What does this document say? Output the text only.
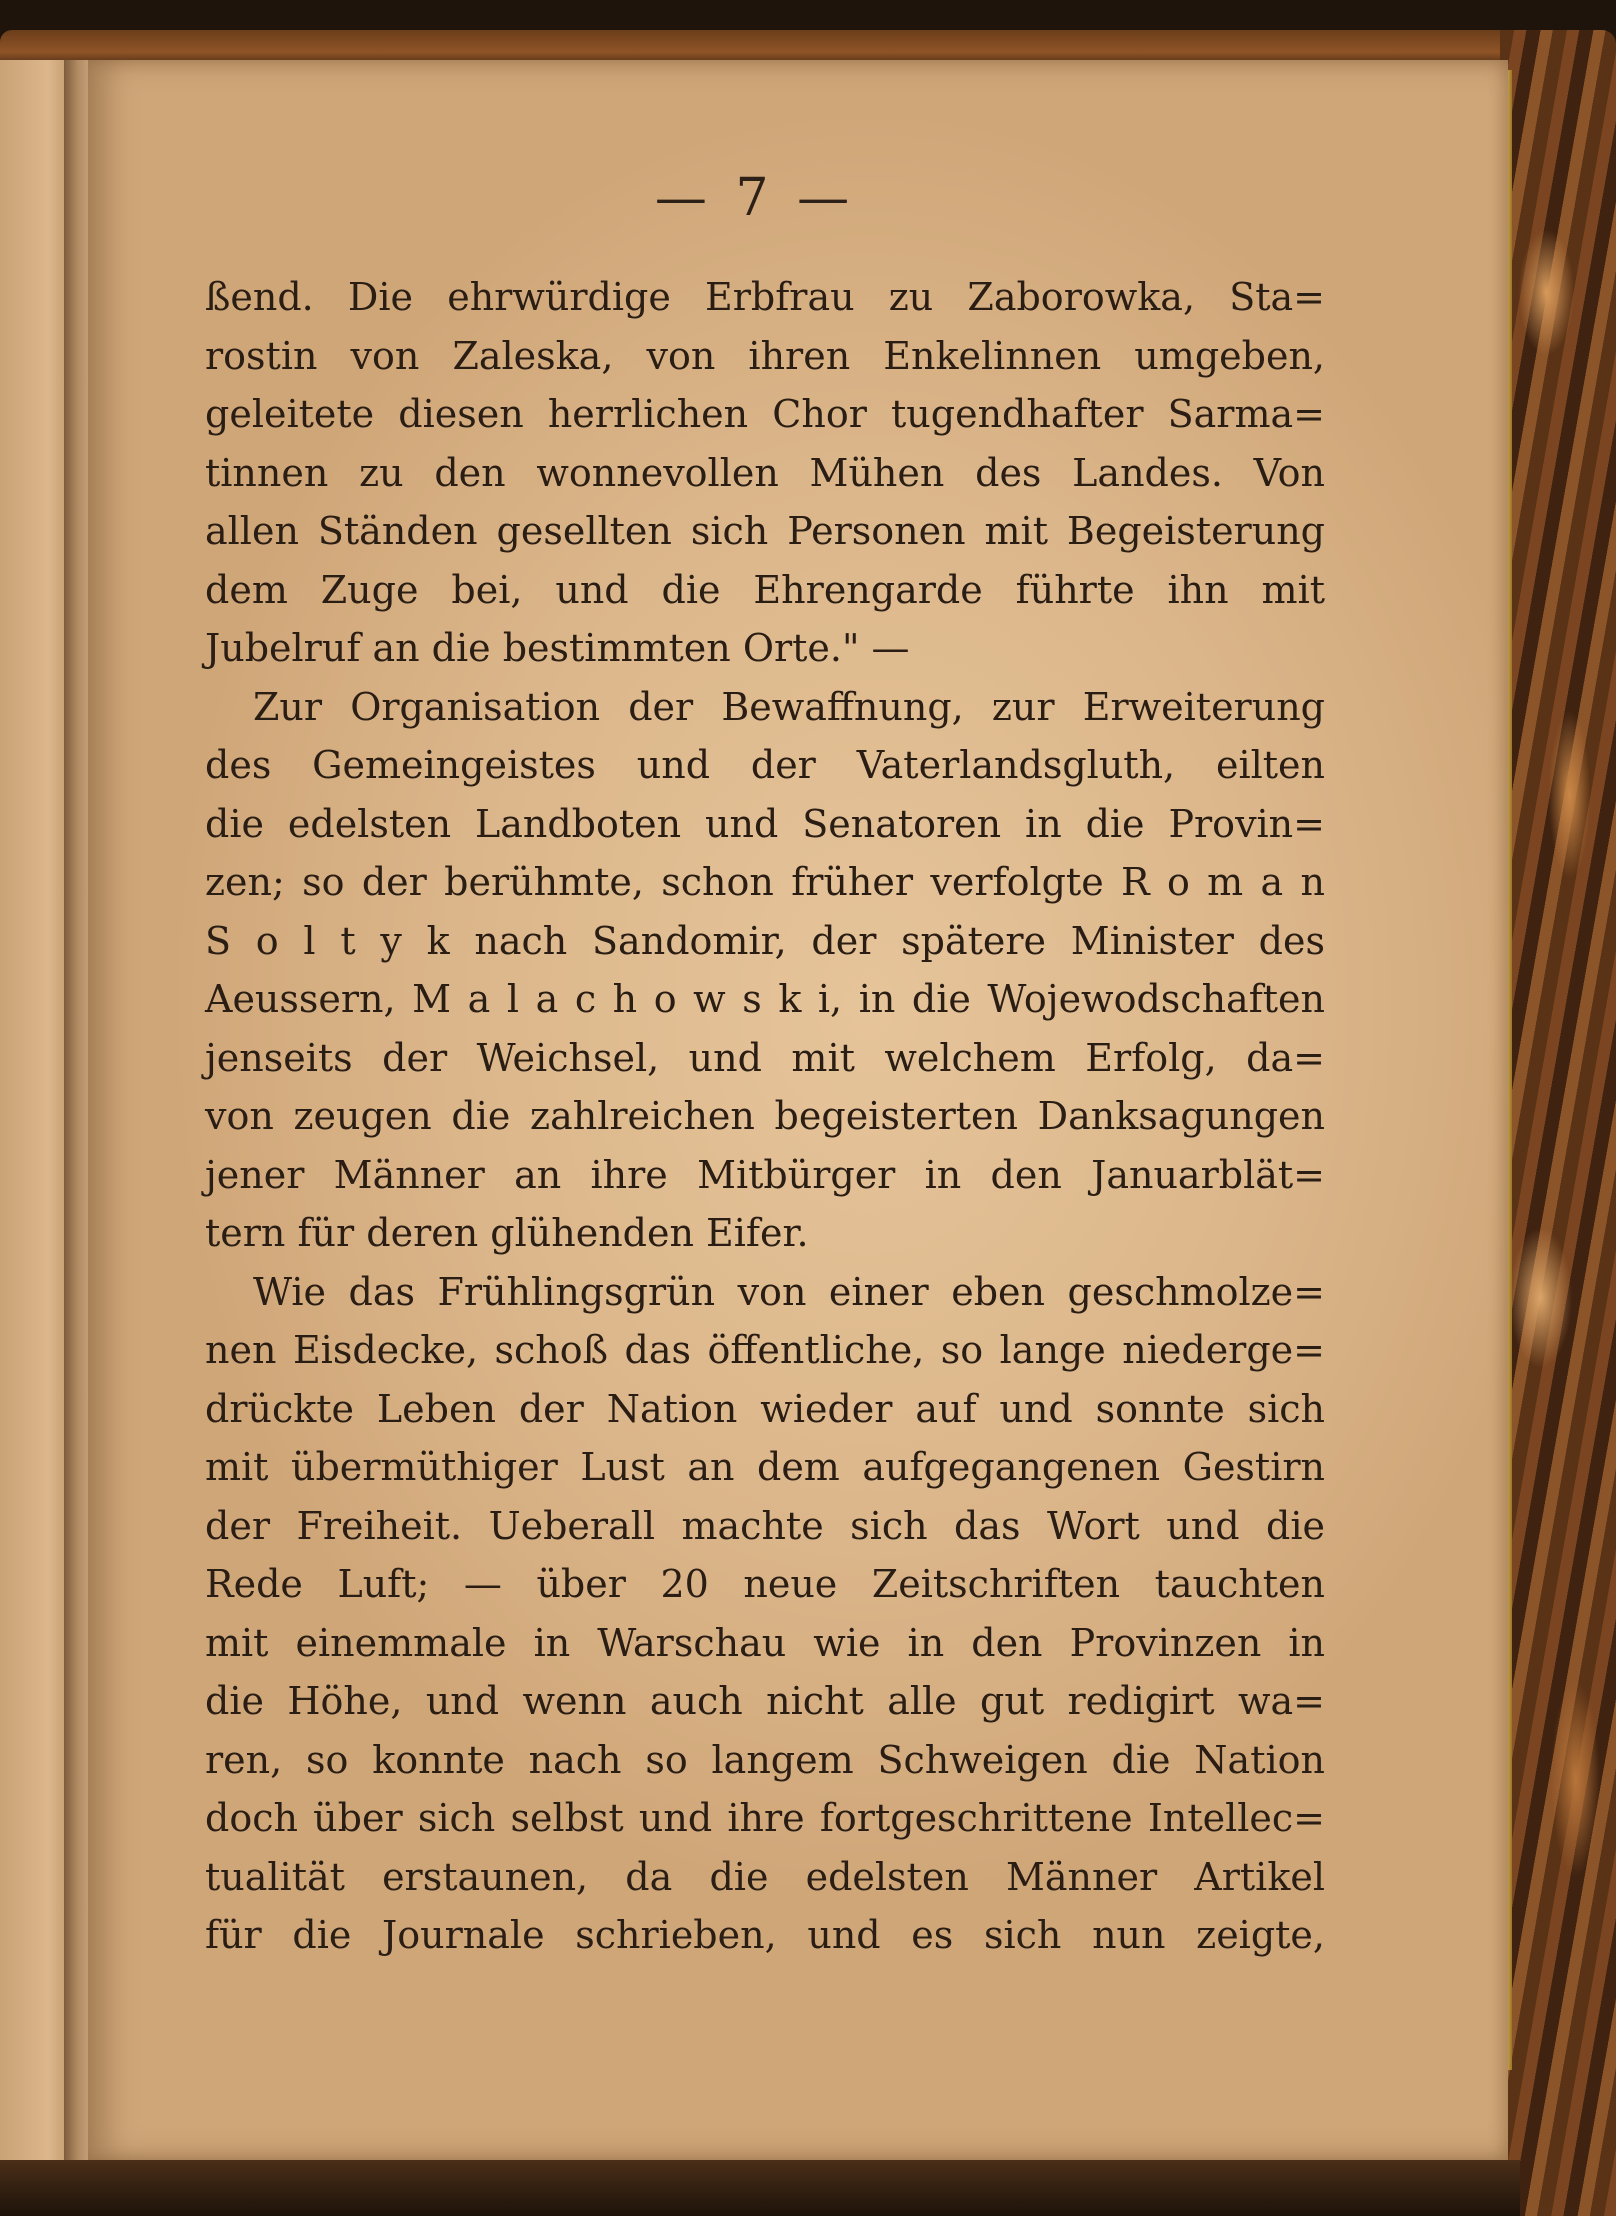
— 7 —
ßend. Die ehrwürdige Erbfrau zu Zaborowka, Sta=
rostin von Zaleska, von ihren Enkelinnen umgeben,
geleitete diesen herrlichen Chor tugendhafter Sarma=
tinnen zu den wonnevollen Mühen des Landes. Von
allen Ständen gesellten sich Personen mit Begeisterung
dem Zuge bei, und die Ehrengarde führte ihn mit
Jubelruf an die bestimmten Orte." —
Zur Organisation der Bewaffnung, zur Erweiterung
des Gemeingeistes und der Vaterlandsgluth, eilten
die edelsten Landboten und Senatoren in die Provin=
zen; so der berühmte, schon früher verfolgte R o m a n
S o l t y k nach Sandomir, der spätere Minister des
Aeussern, M a l a c h o w s k i, in die Wojewodschaften
jenseits der Weichsel, und mit welchem Erfolg, da=
von zeugen die zahlreichen begeisterten Danksagungen
jener Männer an ihre Mitbürger in den Januarblät=
tern für deren glühenden Eifer.
Wie das Frühlingsgrün von einer eben geschmolze=
nen Eisdecke, schoß das öffentliche, so lange niederge=
drückte Leben der Nation wieder auf und sonnte sich
mit übermüthiger Lust an dem aufgegangenen Gestirn
der Freiheit. Ueberall machte sich das Wort und die
Rede Luft; — über 20 neue Zeitschriften tauchten
mit einemmale in Warschau wie in den Provinzen in
die Höhe, und wenn auch nicht alle gut redigirt wa=
ren, so konnte nach so langem Schweigen die Nation
doch über sich selbst und ihre fortgeschrittene Intellec=
tualität erstaunen, da die edelsten Männer Artikel
für die Journale schrieben, und es sich nun zeigte,
